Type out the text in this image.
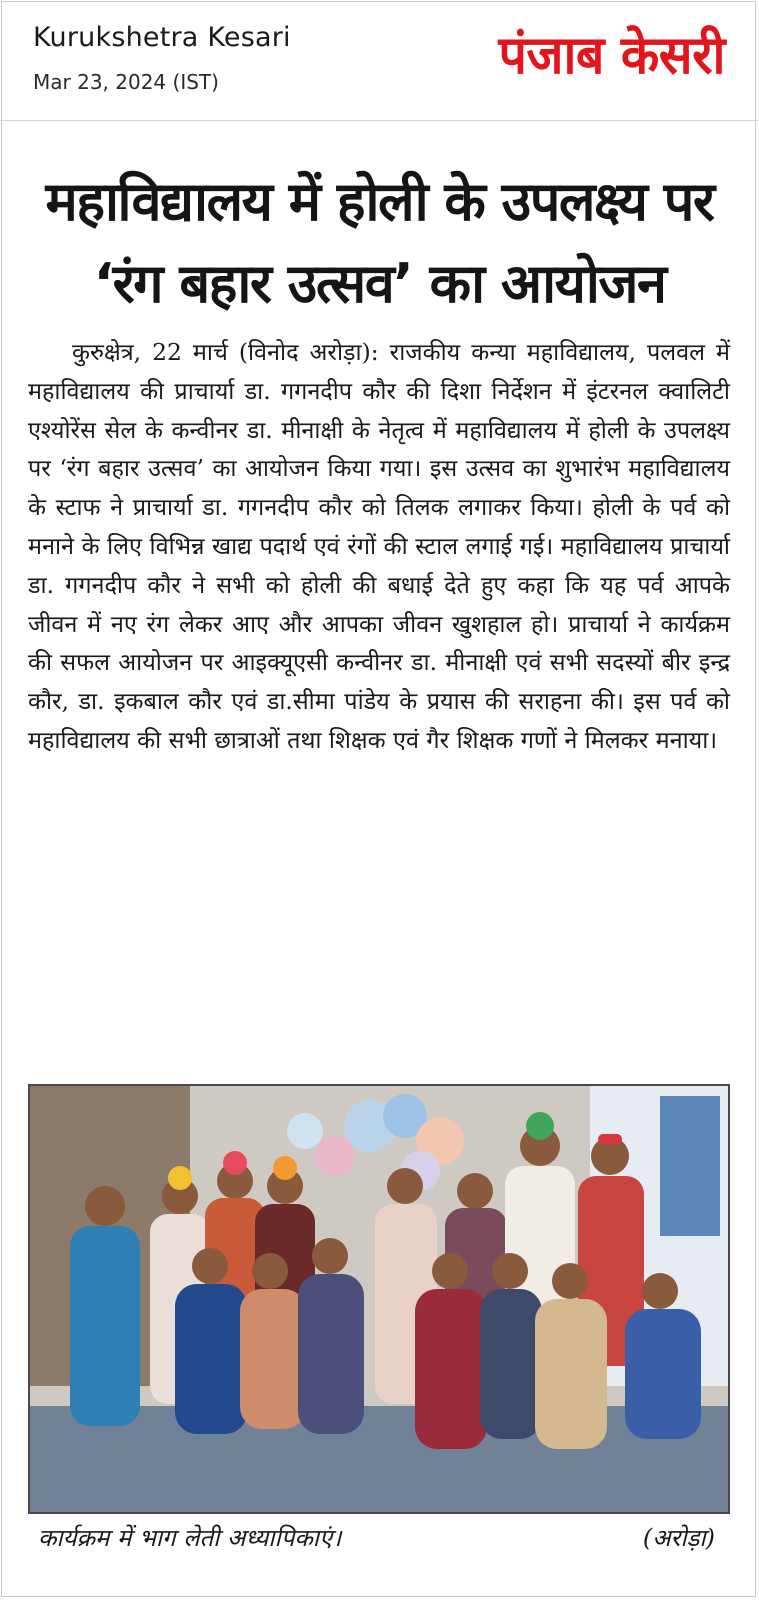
Kurukshetra Kesari
Mar 23, 2024 (IST)	पंजाब केसरी
महाविद्यालय में होली के उपलक्ष्य पर
‘रंग बहार उत्सव’ का आयोजन
कुरुक्षेत्र, 22 मार्च (विनोद अरोड़ा): राजकीय कन्या महाविद्यालय, पलवल में महाविद्यालय की प्राचार्या डा. गगनदीप कौर की दिशा निर्देशन में इंटरनल क्वालिटी एश्योरेंस सेल के कन्वीनर डा. मीनाक्षी के नेतृत्व में महाविद्यालय में होली के उपलक्ष्य पर ‘रंग बहार उत्सव’ का आयोजन किया गया। इस उत्सव का शुभारंभ महाविद्यालय के स्टाफ ने प्राचार्या डा. गगनदीप कौर को तिलक लगाकर किया। होली के पर्व को मनाने के लिए विभिन्न खाद्य पदार्थ एवं रंगों की स्टाल लगाई गई। महाविद्यालय प्राचार्या डा. गगनदीप कौर ने सभी को होली की बधाई देते हुए कहा कि यह पर्व आपके जीवन में नए रंग लेकर आए और आपका जीवन खुशहाल हो। प्राचार्या ने कार्यक्रम की सफल आयोजन पर आइक्यूएसी कन्वीनर डा. मीनाक्षी एवं सभी सदस्यों बीर इन्द्र कौर, डा. इकबाल कौर एवं डा.सीमा पांडेय के प्रयास की सराहना की। इस पर्व को महाविद्यालय की सभी छात्राओं तथा शिक्षक एवं गैर शिक्षक गणों ने मिलकर मनाया।
कार्यक्रम में भाग लेती अध्यापिकाएं।	(अरोड़ा)
